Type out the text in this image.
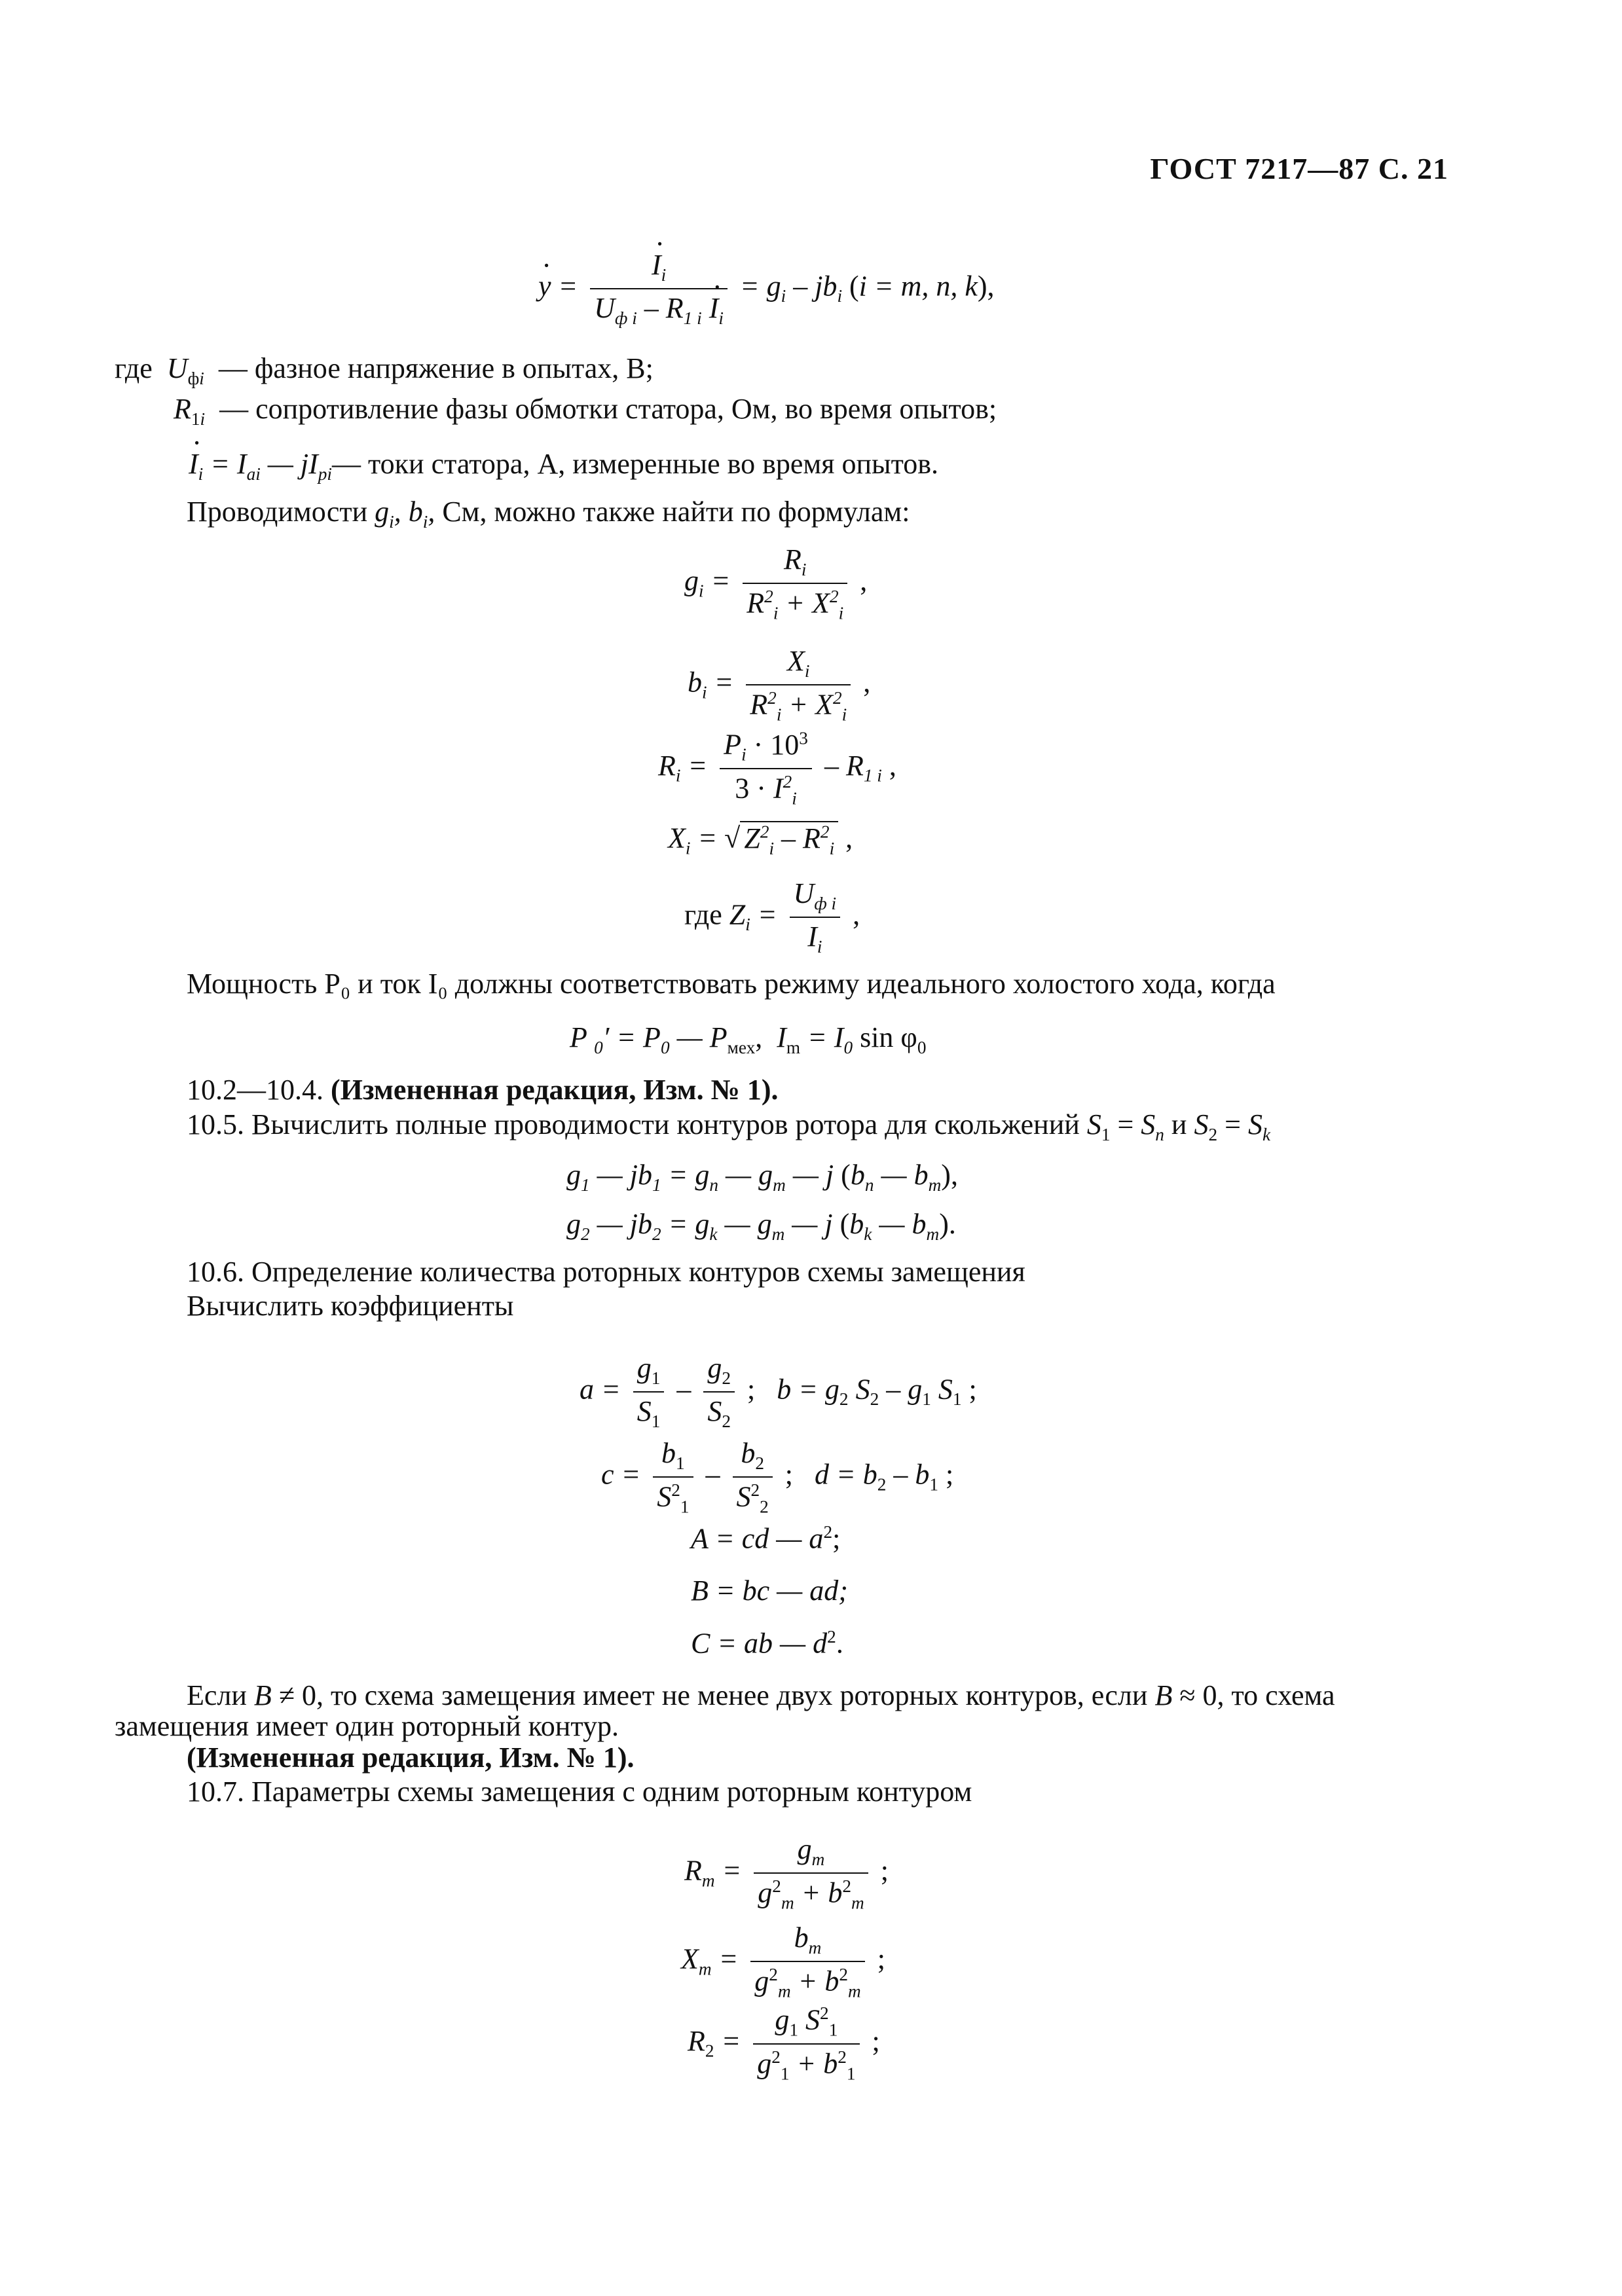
ГОСТ 7217—87 С. 21
· y = · $\frac{I_i}{U_{ф i} - R_{1 i} \cdot I_i} = g_i - jb_i$ (i = m, n, k),
где $U_{фi}$ — фазное напряжение в опытах, В;
$R_{1i}$ — сопротивление фазы обмотки статора, Ом, во время опытов;
· $I_i = I_{ai}$ — $jI_{pi}—$ токи статора, А, измеренные во время опытов.
Проводимости $g_i$, $b_i$, См, можно также найти по формулам:
$g_i = \frac{R_i}{R^2_i + X^2_i}$ ,
$b_i = \frac{X_i}{R^2_i + X^2_i}$ ,
$R_i = \frac{P_i \cdot 10^3}{3 \cdot I^2_i} - R_{1 i}$ ,
$X_i$ = √ $Z^2_i - R^2_i$ ,
где $Z_i = \frac{U_{ф i}}{I_i}$ ,
Мощность P₀ и ток I₀ должны соответствовать режиму идеального холостого хода, когда
P $_0' = P_0$ — $P_{мех}$,  $I_m = I_0$ $\sin \varphi_0$
10.2—10.4. (Измененная редакция, Изм. № 1).
10.5. Вычислить полные проводимости контуров ротора для скольжений $S_1 = S_n$ и $S_2 = S_k$
$g_1$ — $jb_1 = g_n$ — $g_m$ — j ($b_n$ — $b_m$),
$g_2$ — $jb_2 = g_k$ — $g_m$ — j ($b_k$ — $b_m$).
10.6. Определение количества роторных контуров схемы замещения
Вычислить коэффициенты
$a = \frac{g_1}{S_1} - \frac{g_2}{S_2}$ ;   $b = g_2$ $S_2 - g_1$ $S_1$ ;
$c = \frac{b_1}{S^2_1} - \frac{b_2}{S^2_2}$ ;   $d = b_2 - b_1$ ;
A = cd — $a^2$;
B = bc — ad;
C = ab — $d^2$.
Если B ≠ 0, то схема замещения имеет не менее двух роторных контуров, если B ≈ 0, то схема
замещения имеет один роторный контур.
(Измененная редакция, Изм. № 1).
10.7. Параметры схемы замещения с одним роторным контуром
$R_m = \frac{g_m}{g^2_m + b^2_m}$ ;
$X_m = \frac{b_m}{g^2_m + b^2_m}$ ;
$R_2 = \frac{g_1 S^2_1}{g^2_1 + b^2_1}$ ;
